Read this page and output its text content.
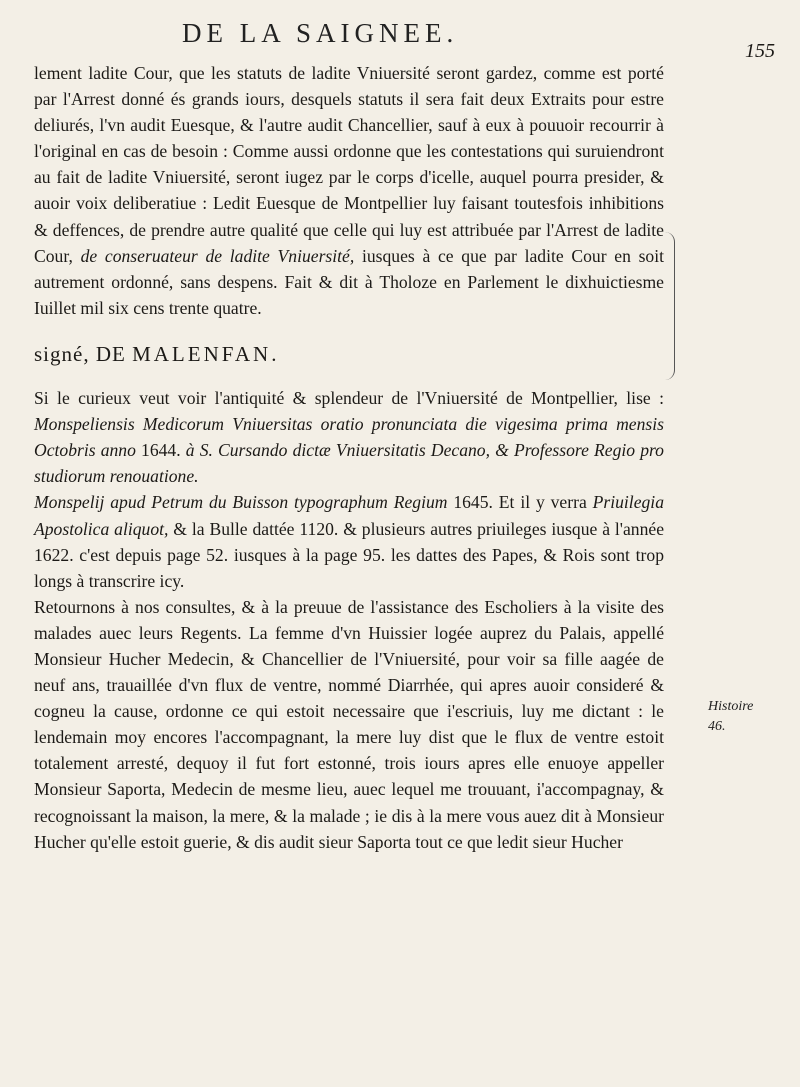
DE LA SAIGNEE.
155

lement ladite Cour, que les statuts de ladite Vniuersité seront gardez, comme est porté par l'Arrest donné és grands iours, desquels statuts il sera fait deux Extraits pour estre deliurés, l'vn audit Euesque, & l'autre audit Chancellier, sauf à eux à pouuoir recourrir à l'original en cas de besoin : Comme aussi ordonne que les contestations qui suruiendront au fait de ladite Vniuersité, seront iugez par le corps d'icelle, auquel pourra presider, & auoir voix deliberatiue : Ledit Euesque de Montpellier luy faisant toutesfois inhibitions & deffences, de prendre autre qualité que celle qui luy est attribuée par l'Arrest de ladite Cour, de conseruateur de ladite Vniuersité, iusques à ce que par ladite Cour en soit autrement ordonné, sans despens. Fait & dit à Tholoze en Parlement le dixhuictiesme Iuillet mil six cens trente quatre.

signé, DE MALENFAN.

Si le curieux veut voir l'antiquité & splendeur de l'Vniuersité de Montpellier, lise : Monspeliensis Medicorum Vniuersitas oratio pronunciata die vigesima prima mensis Octobris anno 1644. à S. Cursando dictæ Vniuersitatis Decano, & Professore Regio pro studiorum renouatione.

Monspelij apud Petrum du Buisson typographum Regium 1645. Et il y verra Priuilegia Apostolica aliquot, & la Bulle dattée 1120. & plusieurs autres priuileges iusque à l'année 1622. c'est depuis page 52. iusques à la page 95. les dattes des Papes, & Rois sont trop longs à transcrire icy.

Retournons à nos consultes, & à la preuue de l'assistance des Escholiers à la visite des malades auec leurs Regents. La femme d'vn Huissier logée auprez du Palais, appellé Monsieur Hucher Medecin, & Chancellier de l'Vniuersité, pour voir sa fille aagée de neuf ans, trauaillée d'vn flux de ventre, nommé Diarrhée, qui apres auoir consideré & cogneu la cause, ordonne ce qui estoit necessaire que i'escriuis, luy me dictant : le lendemain moy encores l'accompagnant, la mere luy dist que le flux de ventre estoit totalement arresté, dequoy il fut fort estonné, trois iours apres elle enuoye appeller Monsieur Saporta, Medecin de mesme lieu, auec lequel me trouuant, i'accompagnay, & recognoissant la maison, la mere, & la malade ; ie dis à la mere vous auez dit à Monsieur Hucher qu'elle estoit guerie, & dis audit sieur Saporta tout ce que ledit sieur Hucher

Histoire
46.
